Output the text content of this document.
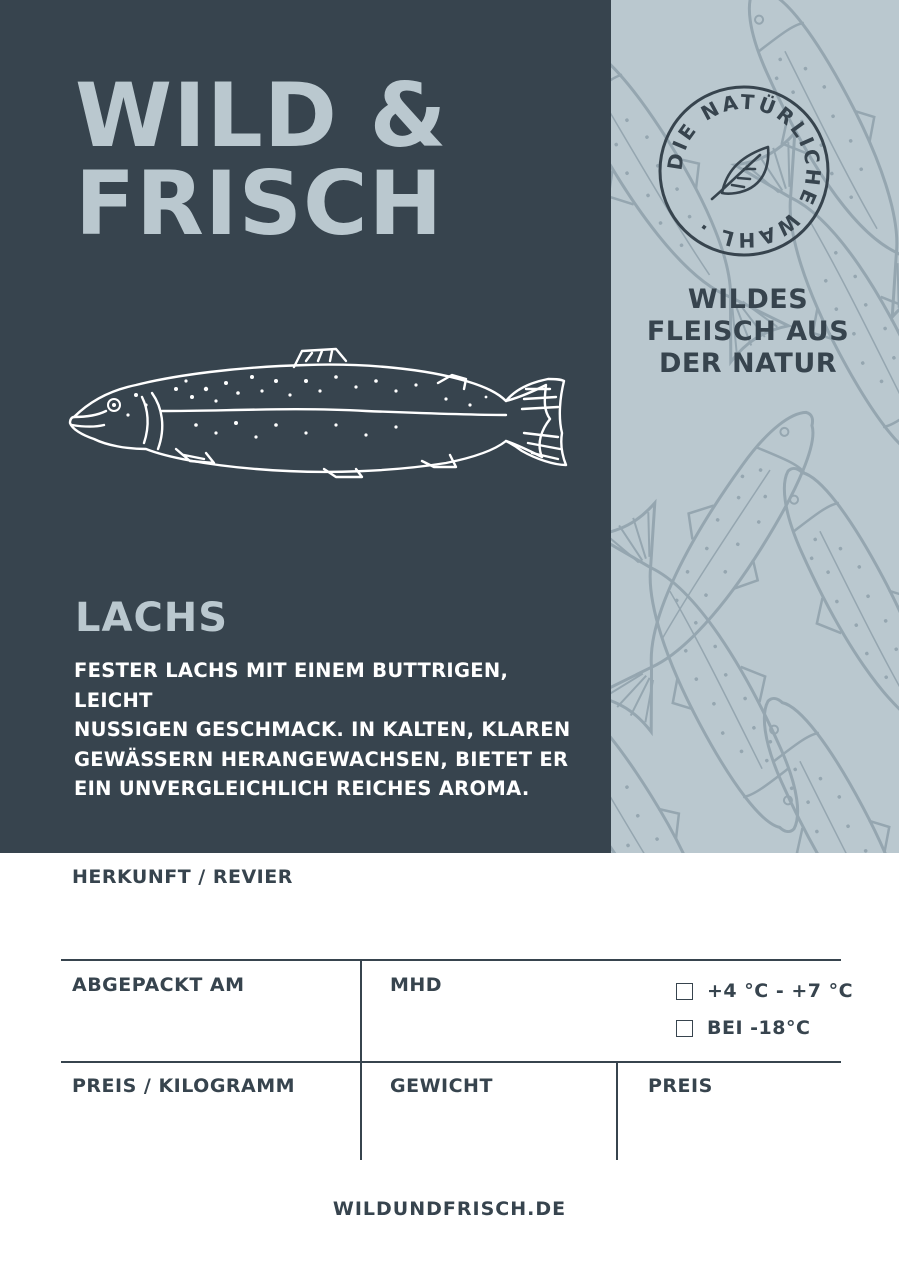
WILD &
FRISCH
LACHS
FESTER LACHS MIT EINEM BUTTRIGEN, LEICHT
NUSSIGEN GESCHMACK. IN KALTEN, KLAREN
GEWÄSSERN HERANGEWACHSEN, BIETET ER
EIN UNVERGLEICHLICH REICHES AROMA.
DIE NATÜRLICHE WAHL ·
WILDES
FLEISCH AUS
DER NATUR
HERKUNFT / REVIER
ABGEPACKT AM	MHD	+4 °C - +7 °C
BEI -18°C
PREIS / KILOGRAMM	GEWICHT	PREIS
WILDUNDFRISCH.DE
